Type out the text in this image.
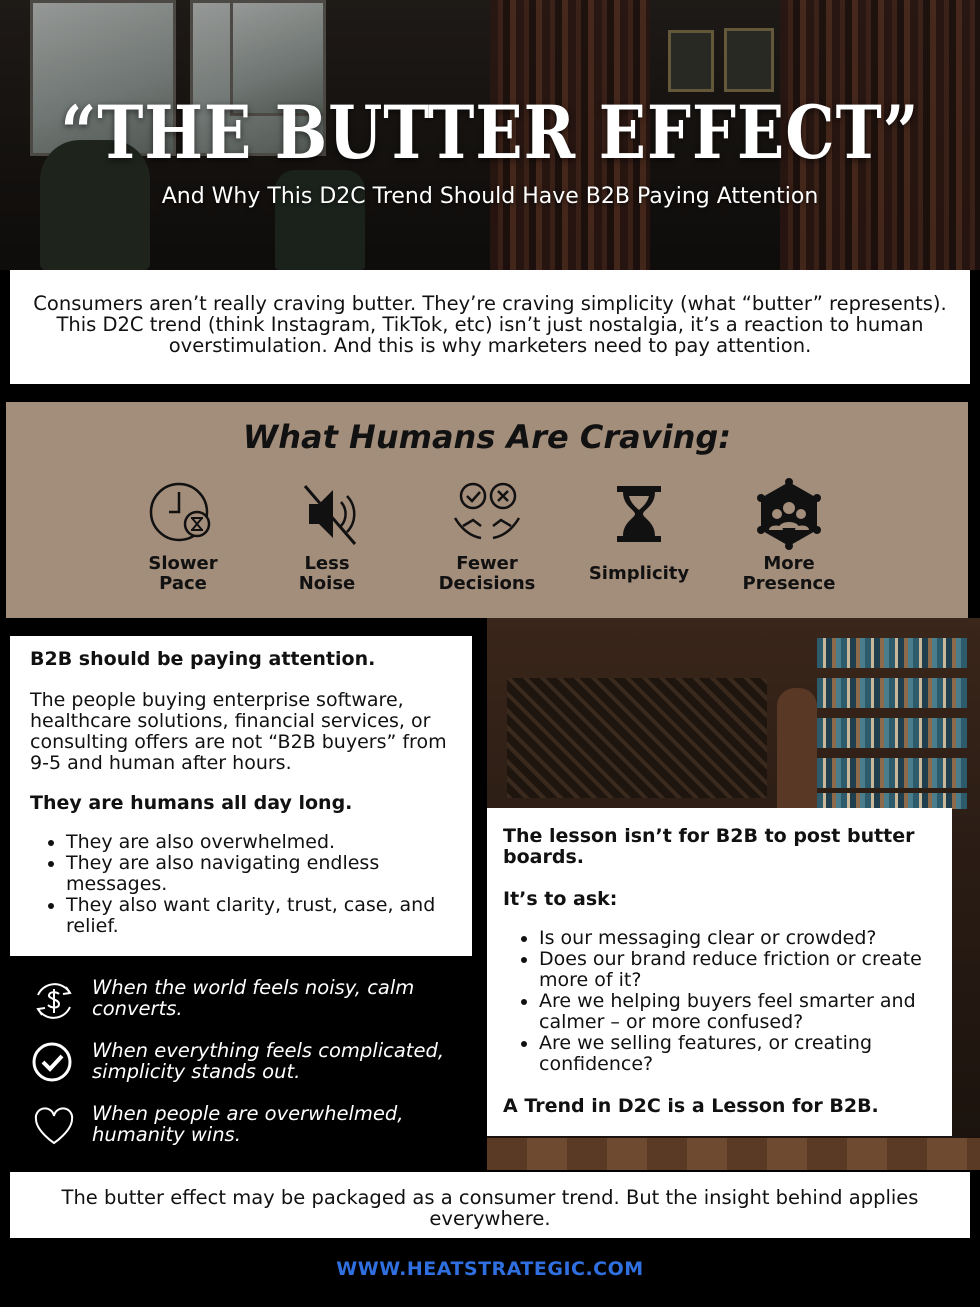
“THE BUTTER EFFECT”
And Why This D2C Trend Should Have B2B Paying Attention
Consumers aren’t really craving butter. They’re craving simplicity (what “butter” represents). This D2C trend (think Instagram, TikTok, etc) isn’t just nostalgia, it’s a reaction to human overstimulation. And this is why marketers need to pay attention.
What Humans Are Craving:
Slower
Pace
Less
Noise
Fewer
Decisions	Simplicity	More
Presence

B2B should be paying attention.

The people buying enterprise software, healthcare solutions, financial services, or consulting offers are not “B2B buyers” from 9-5 and human after hours.

They are humans all day long.

• They are also overwhelmed.
• They are also navigating endless messages.
• They also want clarity, trust, case, and relief.

The lesson isn’t for B2B to post butter boards.

It’s to ask:

• Is our messaging clear or crowded?
• Does our brand reduce friction or create more of it?
• Are we helping buyers feel smarter and calmer – or more confused?
• Are we selling features, or creating confidence?

A Trend in D2C is a Lesson for B2B.

When the world feels noisy, calm converts.
When everything feels complicated, simplicity stands out.
When people are overwhelmed, humanity wins.
The butter effect may be packaged as a consumer trend. But the insight behind applies everywhere.
WWW.HEATSTRATEGIC.COM
